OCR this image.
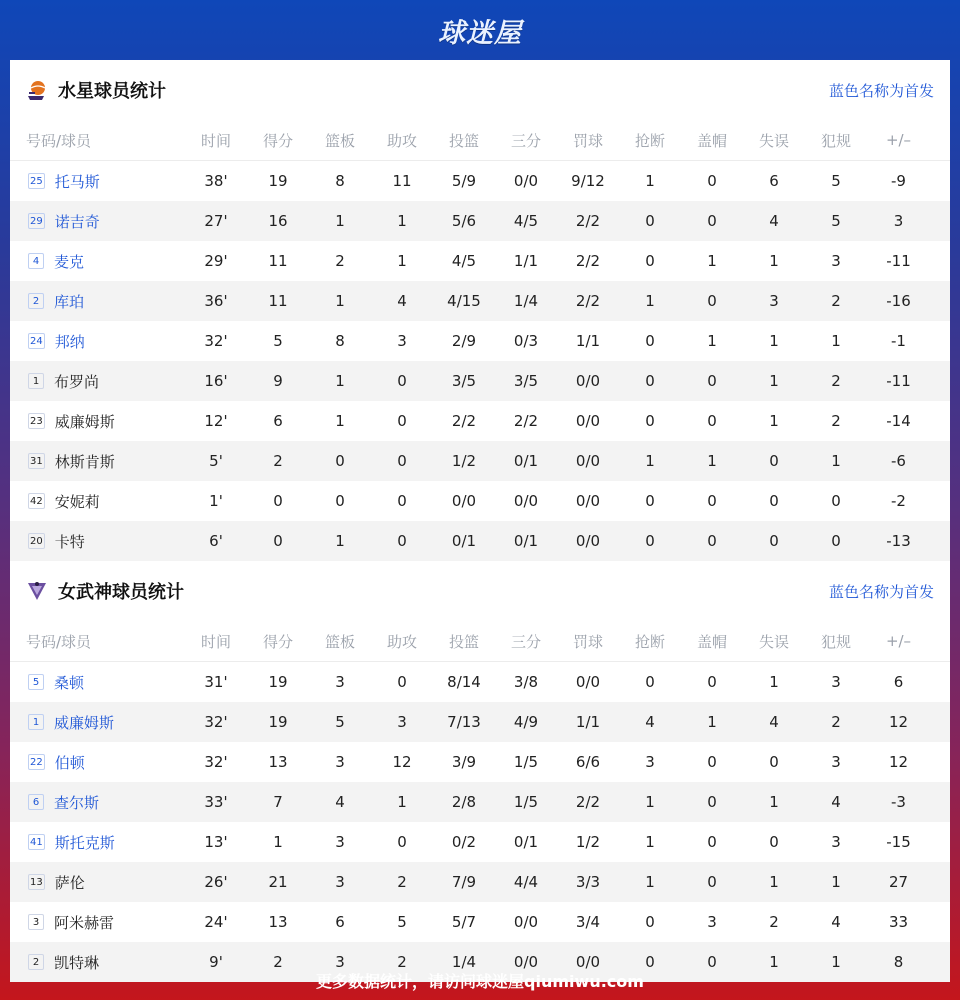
球迷屋
水星球员统计	蓝色名称为首发
号码/球员	时间	得分	篮板	助攻	投篮	三分	罚球	抢断	盖帽	失误	犯规	+/–
25 托马斯	38'	19	8	11	5/9	0/0	9/12	1	0	6	5	-9
29 诺吉奇	27'	16	1	1	5/6	4/5	2/2	0	0	4	5	3
4 麦克	29'	11	2	1	4/5	1/1	2/2	0	1	1	3	-11
2 库珀	36'	11	1	4	4/15	1/4	2/2	1	0	3	2	-16
24 邦纳	32'	5	8	3	2/9	0/3	1/1	0	1	1	1	-1
1 布罗尚	16'	9	1	0	3/5	3/5	0/0	0	0	1	2	-11
23 威廉姆斯	12'	6	1	0	2/2	2/2	0/0	0	0	1	2	-14
31 林斯肯斯	5'	2	0	0	1/2	0/1	0/0	1	1	0	1	-6
42 安妮莉	1'	0	0	0	0/0	0/0	0/0	0	0	0	0	-2
20 卡特	6'	0	1	0	0/1	0/1	0/0	0	0	0	0	-13
女武神球员统计	蓝色名称为首发
号码/球员	时间	得分	篮板	助攻	投篮	三分	罚球	抢断	盖帽	失误	犯规	+/–
5 桑顿	31'	19	3	0	8/14	3/8	0/0	0	0	1	3	6
1 威廉姆斯	32'	19	5	3	7/13	4/9	1/1	4	1	4	2	12
22 伯顿	32'	13	3	12	3/9	1/5	6/6	3	0	0	3	12
6 查尔斯	33'	7	4	1	2/8	1/5	2/2	1	0	1	4	-3
41 斯托克斯	13'	1	3	0	0/2	0/1	1/2	1	0	0	3	-15
13 萨伦	26'	21	3	2	7/9	4/4	3/3	1	0	1	1	27
3 阿米赫雷	24'	13	6	5	5/7	0/0	3/4	0	3	2	4	33
2 凯特琳	9'	2	3	2	1/4	0/0	0/0	0	0	1	1	8
更多数据统计，请访问球迷屋qiumiwu.com
